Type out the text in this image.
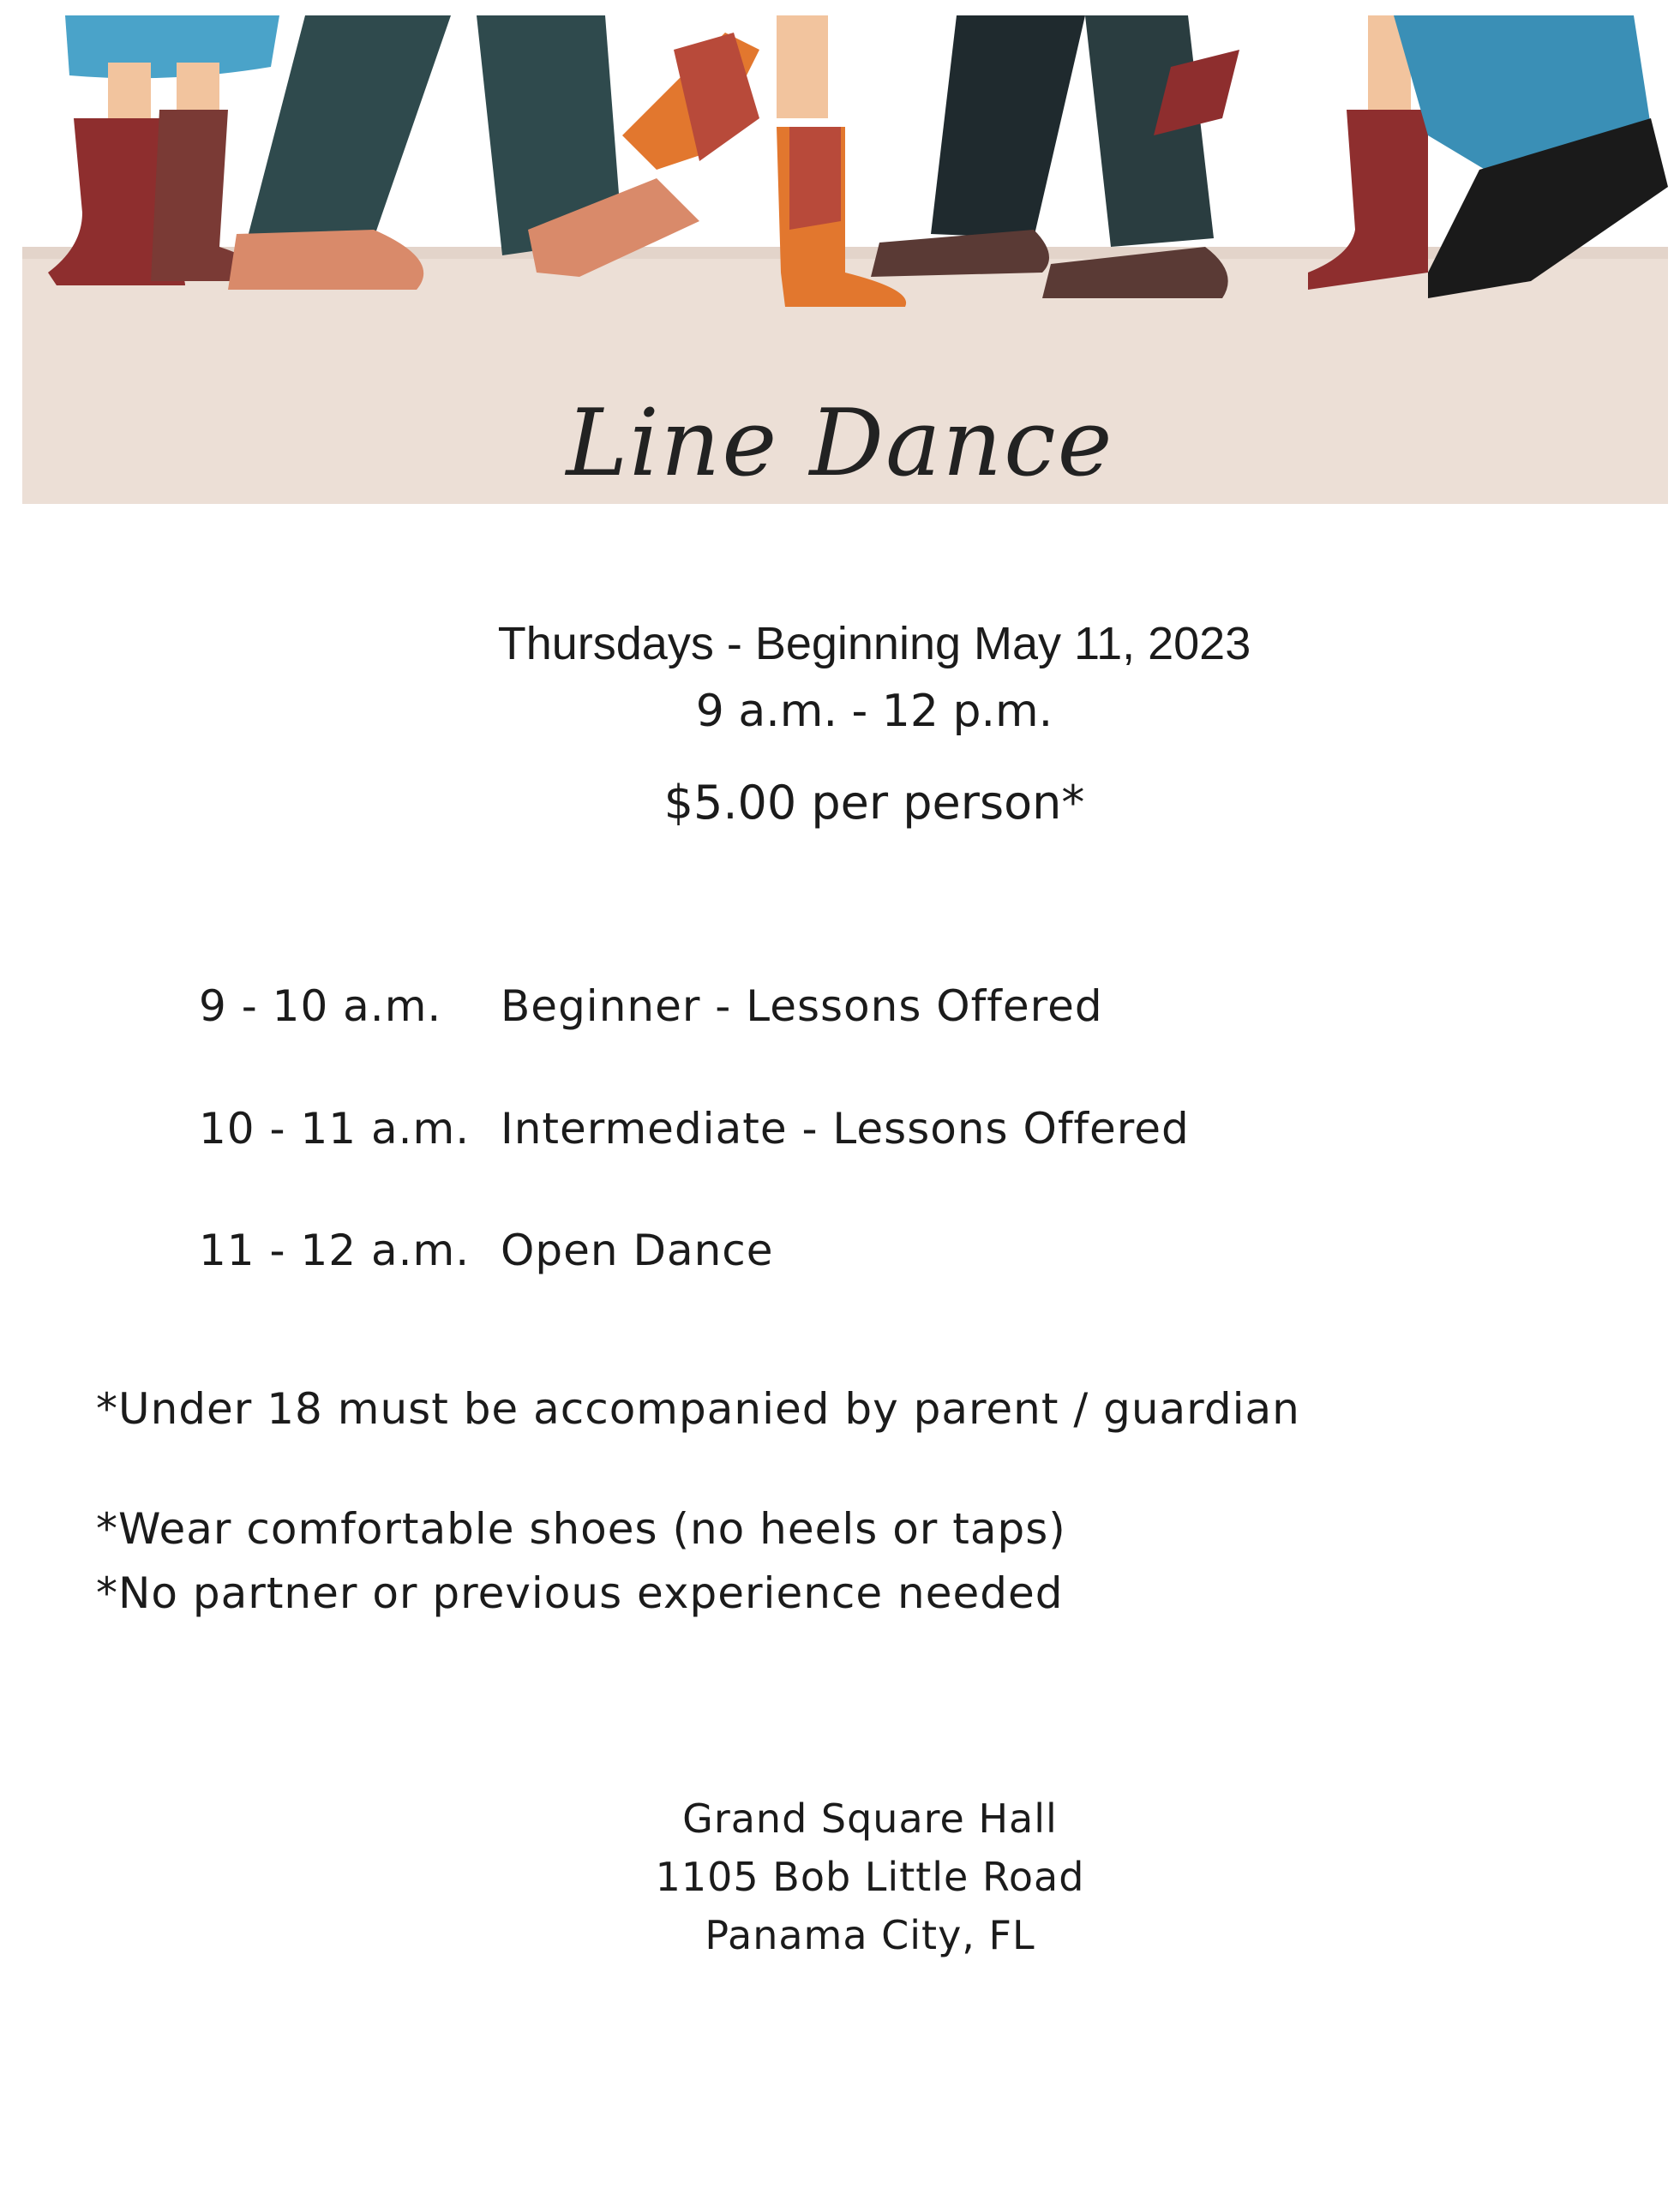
Line Dance
Thursdays - Beginning May 11, 2023
9 a.m. - 12 p.m.
$5.00 per person*
9 - 10 a.m. Beginner - Lessons Offered
10 - 11 a.m. Intermediate - Lessons Offered
11 - 12 a.m. Open Dance
*Under 18 must be accompanied by parent / guardian
*Wear comfortable shoes (no heels or taps)
*No partner or previous experience needed
Grand Square Hall
1105 Bob Little Road
Panama City, FL
